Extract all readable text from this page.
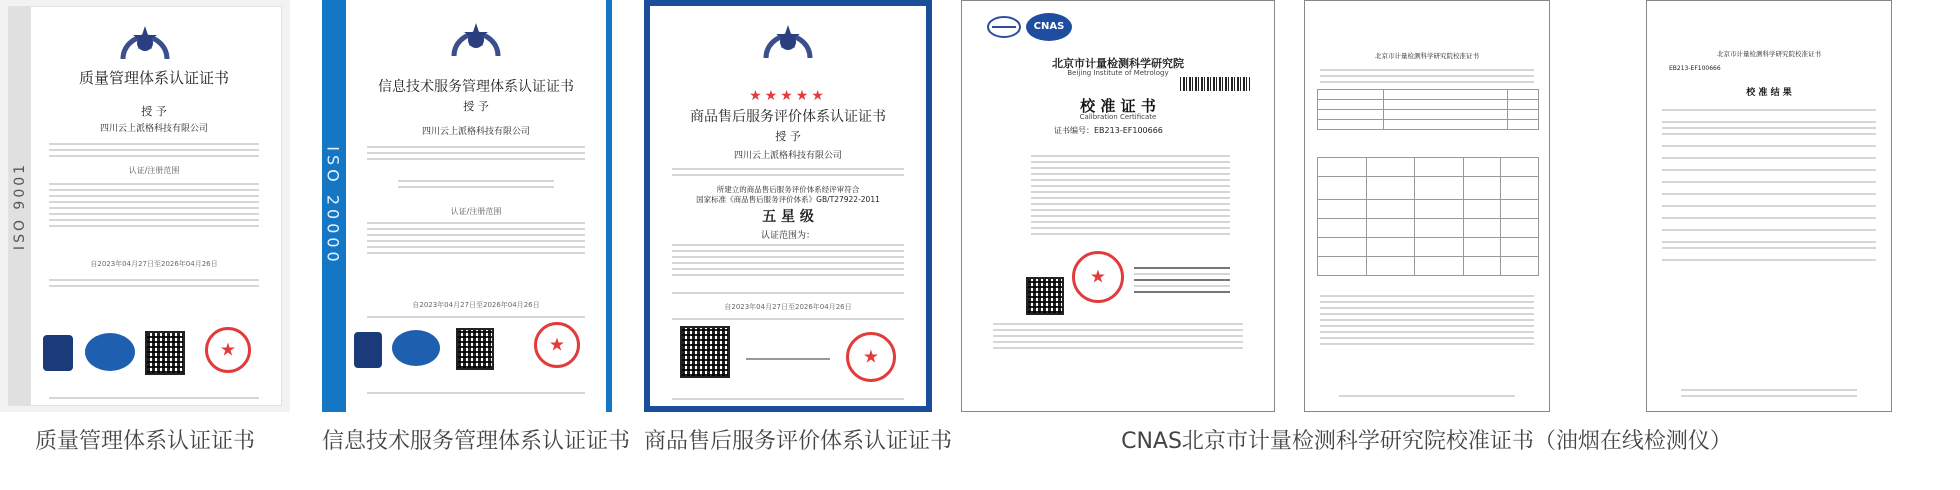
ISO 9001
质量管理体系认证证书
授 予
四川云上派格科技有限公司
认证/注册范围
自2023年04月27日至2026年04月26日
★	ISO 20000
信息技术服务管理体系认证证书
授 予
四川云上派格科技有限公司
认证/注册范围
自2023年04月27日至2026年04月26日
★
★★★★★
商品售后服务评价体系认证证书
授 予
四川云上派格科技有限公司
所建立的商品售后服务评价体系经评审符合
国家标准《商品售后服务评价体系》GB/T27922-2011
五 星 级
认证范围为：
自2023年04月27日至2026年04月26日
★
CNAS
北京市计量检测科学研究院
Beijing Institute of Metrology
校 准 证 书
Calibration Certificate
证书编号：EB213-EF100666
★
北京市计量检测科学研究院校准证书

					北京市计量检测科学研究院校准证书
EB213-EF100666
校 准 结 果
质量管理体系认证证书	信息技术服务管理体系认证证书 商品售后服务评价体系认证证书	CNAS北京市计量检测科学研究院校准证书（油烟在线检测仪）
